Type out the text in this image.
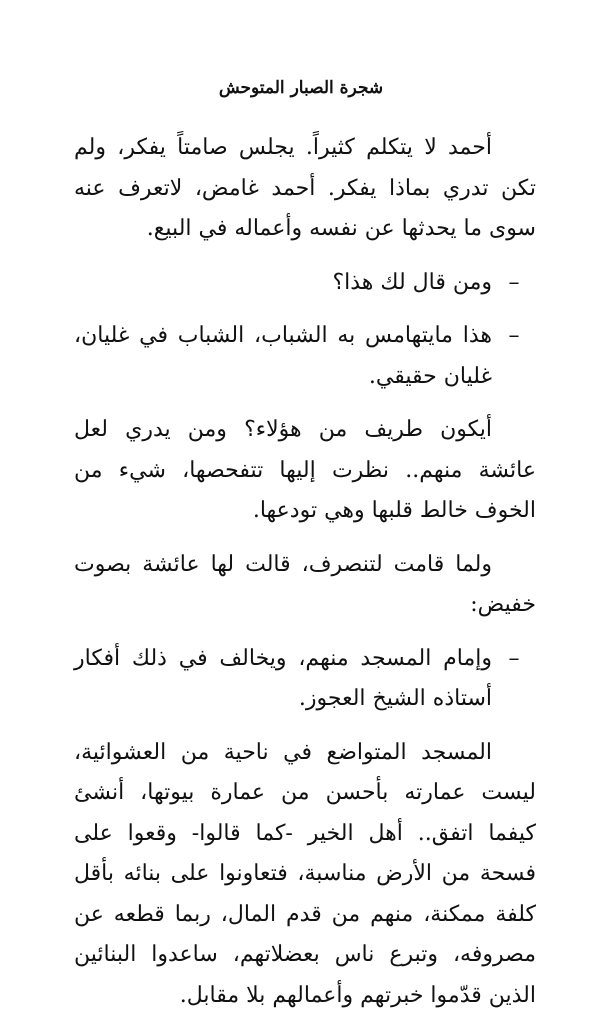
شجرة الصبار المتوحش

أحمد لا يتكلم كثيراً. يجلس صامتاً يفكر، ولم تكن تدري بماذا يفكر. أحمد غامض، لاتعرف عنه سوى ما يحدثها عن نفسه وأعماله في البيع.

–
ومن قال لك هذا؟

–
هذا مايتهامس به الشباب، الشباب في غليان، غليان حقيقي.

أيكون طريف من هؤلاء؟ ومن يدري لعل عائشة منهم.. نظرت إليها تتفحصها، شيء من الخوف خالط قلبها وهي تودعها.

ولما قامت لتنصرف، قالت لها عائشة بصوت خفيض:

–
وإمام المسجد منهم، ويخالف في ذلك أفكار أستاذه الشيخ العجوز.

المسجد المتواضع في ناحية من العشوائية، ليست عمارته بأحسن من عمارة بيوتها، أنشئ كيفما اتفق.. أهل الخير -كما قالوا- وقعوا على فسحة من الأرض مناسبة، فتعاونوا على بنائه بأقل كلفة ممكنة، منهم من قدم المال، ربما قطعه عن مصروفه، وتبرع ناس بعضلاتهم، ساعدوا البنائين الذين قدّموا خبرتهم وأعمالهم بلا مقابل.
